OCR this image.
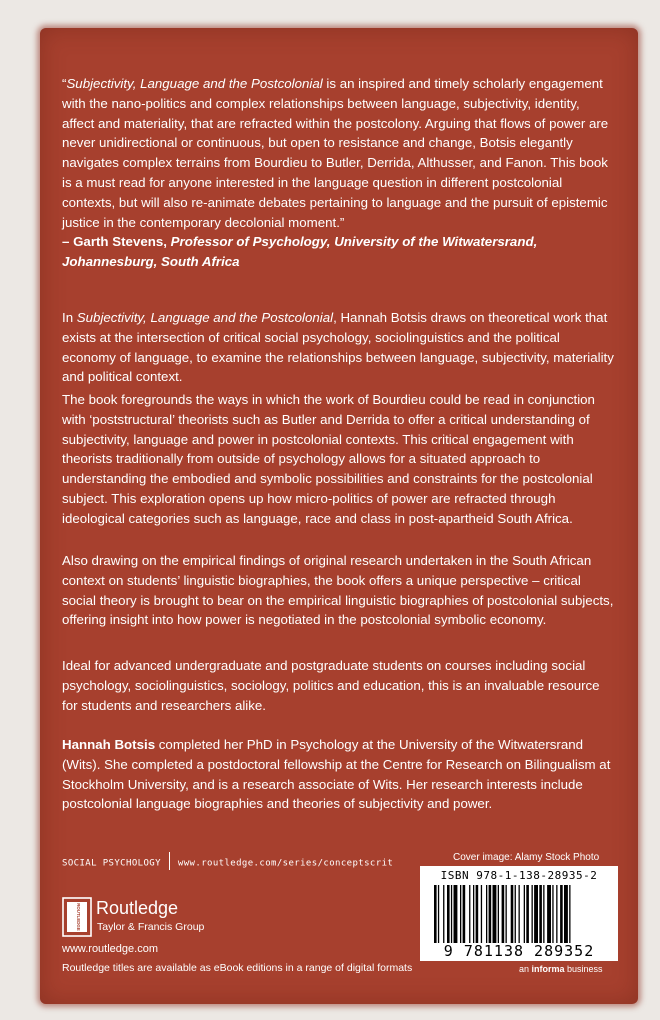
“Subjectivity, Language and the Postcolonial is an inspired and timely scholarly engagement with the nano-politics and complex relationships between language, subjectivity, identity, affect and materiality, that are refracted within the postcolony. Arguing that flows of power are never unidirectional or continuous, but open to resistance and change, Botsis elegantly navigates complex terrains from Bourdieu to Butler, Derrida, Althusser, and Fanon. This book is a must read for anyone interested in the language question in different postcolonial contexts, but will also re-animate debates pertaining to language and the pursuit of epistemic justice in the contemporary decolonial moment.”
– Garth Stevens, Professor of Psychology, University of the Witwatersrand, Johannesburg, South Africa

In Subjectivity, Language and the Postcolonial, Hannah Botsis draws on theoretical work that exists at the intersection of critical social psychology, sociolinguistics and the political economy of language, to examine the relationships between language, subjectivity, materiality and political context.

The book foregrounds the ways in which the work of Bourdieu could be read in conjunction with ‘poststructural’ theorists such as Butler and Derrida to offer a critical understanding of subjectivity, language and power in postcolonial contexts. This critical engagement with theorists traditionally from outside of psychology allows for a situated approach to understanding the embodied and symbolic possibilities and constraints for the postcolonial subject. This exploration opens up how micro-politics of power are refracted through ideological categories such as language, race and class in post-apartheid South Africa.

Also drawing on the empirical findings of original research undertaken in the South African context on students’ linguistic biographies, the book offers a unique perspective – critical social theory is brought to bear on the empirical linguistic biographies of postcolonial subjects, offering insight into how power is negotiated in the postcolonial symbolic economy.

Ideal for advanced undergraduate and postgraduate students on courses including social psychology, sociolinguistics, sociology, politics and education, this is an invaluable resource for students and researchers alike.

Hannah Botsis completed her PhD in Psychology at the University of the Witwatersrand (Wits). She completed a postdoctoral fellowship at the Centre for Research on Bilingualism at Stockholm University, and is a research associate of Wits. Her research interests include postcolonial language biographies and theories of subjectivity and power.

SOCIAL PSYCHOLOGY www.routledge.com/series/conceptscrit
Cover image: Alamy Stock Photo
ISBN 978-1-138-28935-2
9 781138 289352
ROUTLEDGE Routledge
Taylor & Francis Group
www.routledge.com
Routledge titles are available as eBook editions in a range of digital formats	an informa business
